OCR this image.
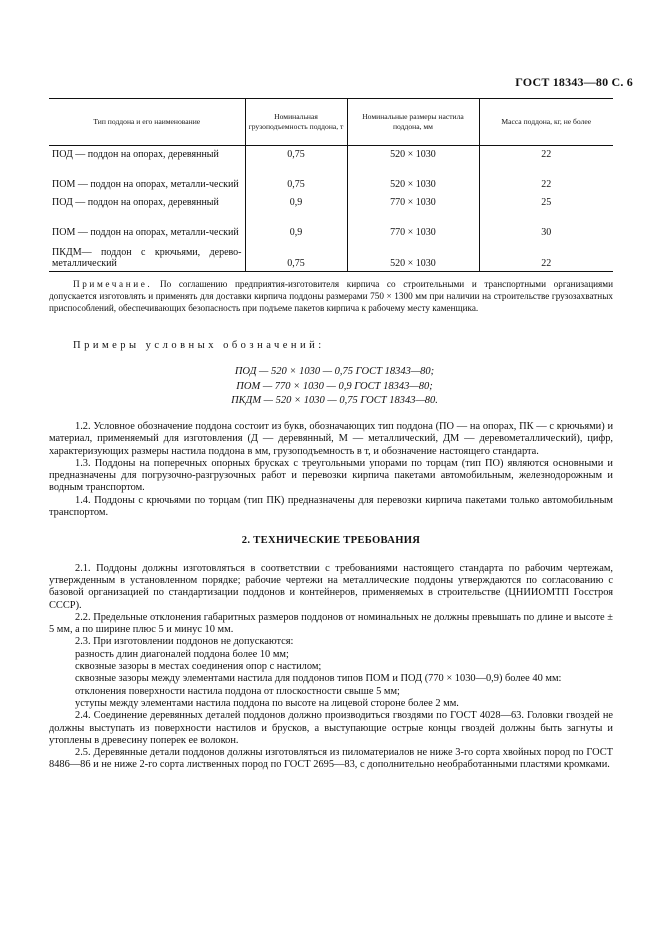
ГОСТ 18343—80 С. 6
Тип поддона и его наименование	Номинальная грузоподъемность поддона, т	Номинальные размеры настила поддона, мм	Масса поддона, кг, не более

ПОД — поддон на опорах, деревянный	0,75	520 × 1030	22

ПОМ — поддон на опорах, металли-ческий	0,75	520 × 1030	22

ПОД — поддон на опорах, деревянный	0,9	770 × 1030	25

ПОМ — поддон на опорах, металли-ческий	0,9	770 × 1030	30

ПКДМ— поддон с крючьями, дерево-металлический	0,75	520 × 1030	22
Примечание. По соглашению предприятия-изготовителя кирпича со строительными и транспортными организациями допускается изготовлять и применять для доставки кирпича поддоны размерами 750 × 1300 мм при наличии на строительстве грузозахватных приспособлений, обеспечивающих безопасность при подъеме пакетов кирпича к рабочему месту каменщика.
Примеры условных обозначений:
ПОД — 520 × 1030 — 0,75 ГОСТ 18343—80;
ПОМ — 770 × 1030 — 0,9 ГОСТ 18343—80;
ПКДМ — 520 × 1030 — 0,75 ГОСТ 18343—80.

1.2. Условное обозначение поддона состоит из букв, обозначающих тип поддона (ПО — на опорах, ПК — с крючьями) и материал, применяемый для изготовления (Д — деревянный, М — металлический, ДМ — деревометаллический), цифр, характеризующих размеры настила поддона в мм, грузоподъемность в т, и обозначение настоящего стандарта.

1.3. Поддоны на поперечных опорных брусках с треугольными упорами по торцам (тип ПО) являются основными и предназначены для погрузочно-разгрузочных работ и перевозки кирпича пакетами автомобильным, железнодорожным и водным транспортом.

1.4. Поддоны с крючьями по торцам (тип ПК) предназначены для перевозки кирпича пакетами только автомобильным транспортом.

2. ТЕХНИЧЕСКИЕ ТРЕБОВАНИЯ

2.1. Поддоны должны изготовляться в соответствии с требованиями настоящего стандарта по рабочим чертежам, утвержденным в установленном порядке; рабочие чертежи на металлические поддоны утверждаются по согласованию с базовой организацией по стандартизации поддонов и контейнеров, применяемых в строительстве (ЦНИИОМТП Госстроя СССР).

2.2. Предельные отклонения габаритных размеров поддонов от номинальных не должны превышать по длине и высоте ± 5 мм, а по ширине плюс 5 и минус 10 мм.

2.3. При изготовлении поддонов не допускаются:

разность длин диагоналей поддона более 10 мм;

сквозные зазоры в местах соединения опор с настилом;

сквозные зазоры между элементами настила для поддонов типов ПОМ и ПОД (770 × 1030—0,9) более 40 мм:

отклонения поверхности настила поддона от плоскостности свыше 5 мм;

уступы между элементами настила поддона по высоте на лицевой стороне более 2 мм.

2.4. Соединение деревянных деталей поддонов должно производиться гвоздями по ГОСТ 4028—63. Головки гвоздей не должны выступать из поверхности настилов и брусков, а выступающие острые концы гвоздей должны быть загнуты и утоплены в древесину поперек ее волокон.

2.5. Деревянные детали поддонов должны изготовляться из пиломатериалов не ниже 3-го сорта хвойных пород по ГОСТ 8486—86 и не ниже 2-го сорта лиственных пород по ГОСТ 2695—83, с дополнительно необработанными пластями кромками.
